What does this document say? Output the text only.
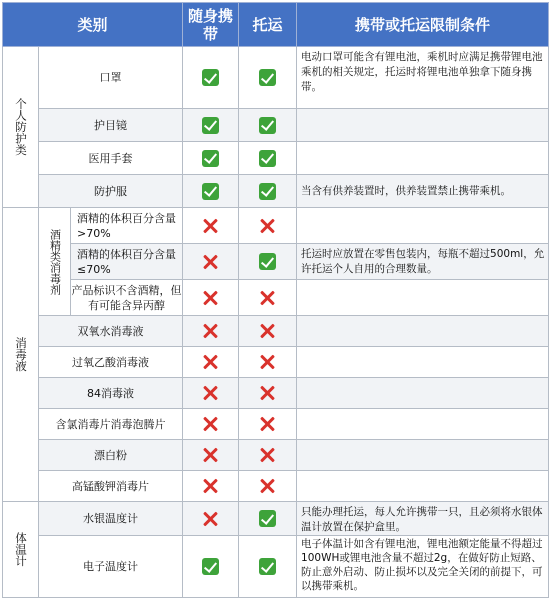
类别			随身携带	托运	携带或托运限制条件
个人防护类	口罩				电动口罩可能含有锂电池，乘机时应满足携带锂电池乘机的相关规定，托运时将锂电池单独拿下随身携带。
	护目镜				
	医用手套				
	防护服				当含有供养装置时，供养装置禁止携带乘机。
消毒液	酒精类消毒剂	酒精的体积百分含量>70%			
		酒精的体积百分含量≤70%			托运时应放置在零售包装内，每瓶不超过500ml，允许托运个人自用的合理数量。
		产品标识不含酒精，但有可能含异丙醇			
	双氧水消毒液				
	过氧乙酸消毒液				
	84消毒液				
	含氯消毒片消毒泡腾片				
	漂白粉				
	高锰酸钾消毒片				
体温计	水银温度计				只能办理托运，每人允许携带一只，且必须将水银体温计放置在保护盒里。
	电子温度计				电子体温计如含有锂电池，锂电池额定能量不得超过100WH或锂电池含量不超过2g，在做好防止短路、防止意外启动、防止损坏以及完全关闭的前提下，可以携带乘机。
